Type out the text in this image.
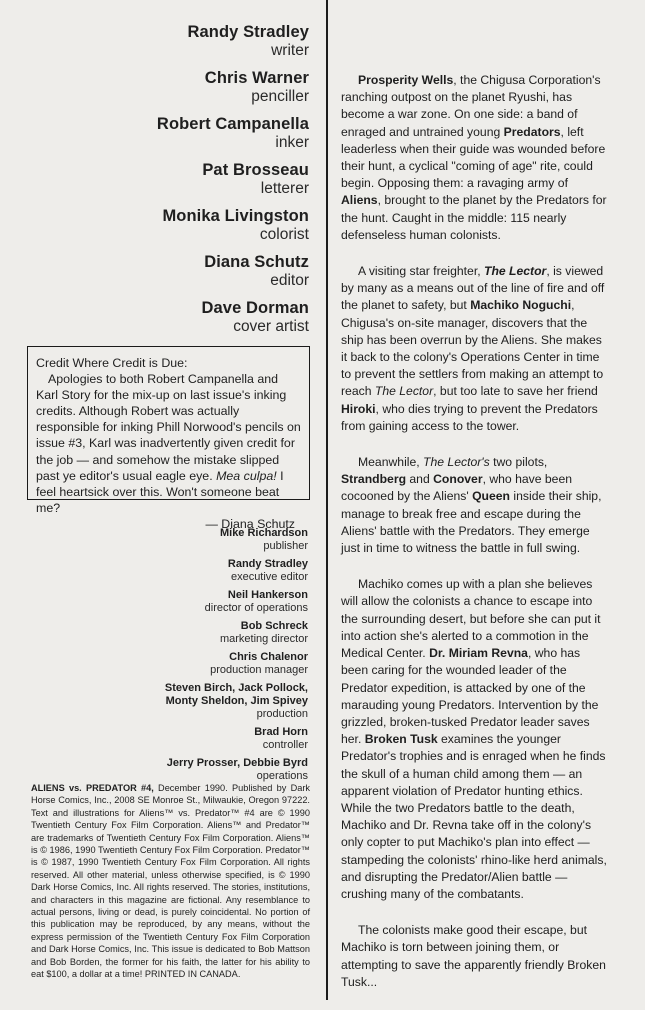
Randy Stradley
writer
Chris Warner
penciller
Robert Campanella
inker
Pat Brosseau
letterer
Monika Livingston
colorist
Diana Schutz
editor
Dave Dorman
cover artist

Credit Where Credit is Due:

Apologies to both Robert Campanella and Karl Story for the mix-up on last issue's inking credits. Although Robert was actually responsible for inking Phill Norwood's pencils on issue #3, Karl was inadvertently given credit for the job — and somehow the mistake slipped past ye editor's usual eagle eye. Mea culpa! I feel heartsick over this. Won't someone beat me?

— Diana Schutz

Mike Richardson
publisher
Randy Stradley
executive editor
Neil Hankerson
director of operations
Bob Schreck
marketing director
Chris Chalenor
production manager
Steven Birch, Jack Pollock, Monty Sheldon, Jim Spivey
production
Brad Horn
controller
Jerry Prosser, Debbie Byrd
operations
ALIENS vs. PREDATOR #4, December 1990. Published by Dark Horse Comics, Inc., 2008 SE Monroe St., Milwaukie, Oregon 97222. Text and illustrations for Aliens™ vs. Predator™ #4 are © 1990 Twentieth Century Fox Film Corporation. Aliens™ and Predator™ are trademarks of Twentieth Century Fox Film Corporation. Aliens™ is © 1986, 1990 Twentieth Century Fox Film Corporation. Predator™ is © 1987, 1990 Twentieth Century Fox Film Corporation. All rights reserved. All other material, unless otherwise specified, is © 1990 Dark Horse Comics, Inc. All rights reserved. The stories, institutions, and characters in this magazine are fictional. Any resemblance to actual persons, living or dead, is purely coincidental. No portion of this publication may be reproduced, by any means, without the express permission of the Twentieth Century Fox Film Corporation and Dark Horse Comics, Inc. This issue is dedicated to Bob Mattson and Bob Borden, the former for his faith, the latter for his ability to eat $100, a dollar at a time! PRINTED IN CANADA.

Prosperity Wells, the Chigusa Corporation's ranching outpost on the planet Ryushi, has become a war zone. On one side: a band of enraged and untrained young Predators, left leaderless when their guide was wounded before their hunt, a cyclical "coming of age" rite, could begin. Opposing them: a ravaging army of Aliens, brought to the planet by the Predators for the hunt. Caught in the middle: 115 nearly defenseless human colonists.

A visiting star freighter, The Lector, is viewed by many as a means out of the line of fire and off the planet to safety, but Machiko Noguchi, Chigusa's on-site manager, discovers that the ship has been overrun by the Aliens. She makes it back to the colony's Operations Center in time to prevent the settlers from making an attempt to reach The Lector, but too late to save her friend Hiroki, who dies trying to prevent the Predators from gaining access to the tower.

Meanwhile, The Lector's two pilots, Strandberg and Conover, who have been cocooned by the Aliens' Queen inside their ship, manage to break free and escape during the Aliens' battle with the Predators. They emerge just in time to witness the battle in full swing.

Machiko comes up with a plan she believes will allow the colonists a chance to escape into the surrounding desert, but before she can put it into action she's alerted to a commotion in the Medical Center. Dr. Miriam Revna, who has been caring for the wounded leader of the Predator expedition, is attacked by one of the marauding young Predators. Intervention by the grizzled, broken-tusked Predator leader saves her. Broken Tusk examines the younger Predator's trophies and is enraged when he finds the skull of a human child among them — an apparent violation of Predator hunting ethics. While the two Predators battle to the death, Machiko and Dr. Revna take off in the colony's only copter to put Machiko's plan into effect — stampeding the colonists' rhino-like herd animals, and disrupting the Predator/Alien battle — crushing many of the combatants.

The colonists make good their escape, but Machiko is torn between joining them, or attempting to save the apparently friendly Broken Tusk...
